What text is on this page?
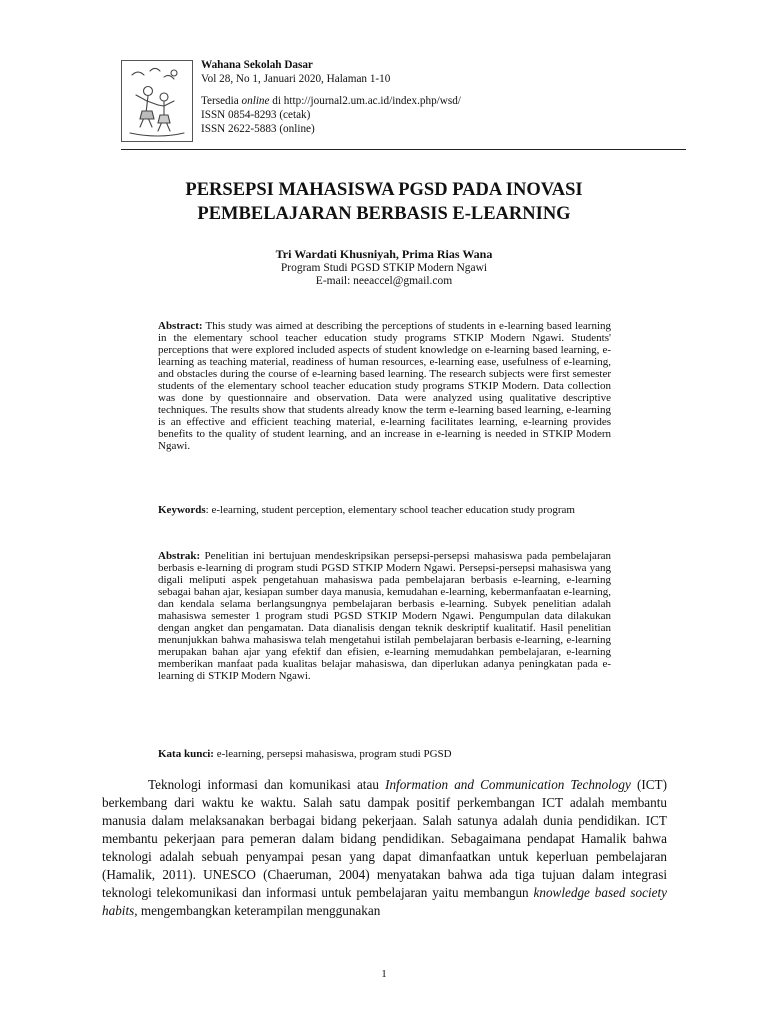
Wahana Sekolah Dasar
Vol 28, No 1, Januari 2020, Halaman 1-10
Tersedia online di http://journal2.um.ac.id/index.php/wsd/
ISSN 0854-8293 (cetak)
ISSN 2622-5883 (online)
PERSEPSI MAHASISWA PGSD PADA INOVASI
PEMBELAJARAN BERBASIS E-LEARNING
Tri Wardati Khusniyah, Prima Rias Wana
Program Studi PGSD STKIP Modern Ngawi
E-mail: neeaccel@gmail.com
Abstract: This study was aimed at describing the perceptions of students in e-learning based learning in the elementary school teacher education study programs STKIP Modern Ngawi. Students' perceptions that were explored included aspects of student knowledge on e-learning based learning, e-learning as teaching material, readiness of human resources, e-learning ease, usefulness of e-learning, and obstacles during the course of e-learning based learning. The research subjects were first semester students of the elementary school teacher education study programs STKIP Modern. Data collection was done by questionnaire and observation. Data were analyzed using qualitative descriptive techniques. The results show that students already know the term e-learning based learning, e-learning is an effective and efficient teaching material, e-learning facilitates learning, e-learning provides benefits to the quality of student learning, and an increase in e-learning is needed in STKIP Modern Ngawi.
Keywords: e-learning, student perception, elementary school teacher education study program
Abstrak: Penelitian ini bertujuan mendeskripsikan persepsi-persepsi mahasiswa pada pembelajaran berbasis e-learning di program studi PGSD STKIP Modern Ngawi. Persepsi-persepsi mahasiswa yang digali meliputi aspek pengetahuan mahasiswa pada pembelajaran berbasis e-learning, e-learning sebagai bahan ajar, kesiapan sumber daya manusia, kemudahan e-learning, kebermanfaatan e-learning, dan kendala selama berlangsungnya pembelajaran berbasis e-learning. Subyek penelitian adalah mahasiswa semester 1 program studi PGSD STKIP Modern Ngawi. Pengumpulan data dilakukan dengan angket dan pengamatan. Data dianalisis dengan teknik deskriptif kualitatif. Hasil penelitian menunjukkan bahwa mahasiswa telah mengetahui istilah pembelajaran berbasis e-learning, e-learning merupakan bahan ajar yang efektif dan efisien, e-learning memudahkan pembelajaran, e-learning memberikan manfaat pada kualitas belajar mahasiswa, dan diperlukan adanya peningkatan pada e-learning di STKIP Modern Ngawi.
Kata kunci: e-learning, persepsi mahasiswa, program studi PGSD
Teknologi informasi dan komunikasi atau Information and Communication Technology (ICT) berkembang dari waktu ke waktu. Salah satu dampak positif perkembangan ICT adalah membantu manusia dalam melaksanakan berbagai bidang pekerjaan. Salah satunya adalah dunia pendidikan. ICT membantu pekerjaan para pemeran dalam bidang pendidikan. Sebagaimana pendapat Hamalik bahwa teknologi adalah sebuah penyampai pesan yang dapat dimanfaatkan untuk keperluan pembelajaran (Hamalik, 2011). UNESCO (Chaeruman, 2004) menyatakan bahwa ada tiga tujuan dalam integrasi teknologi telekomunikasi dan informasi untuk pembelajaran yaitu membangun knowledge based society habits, mengembangkan keterampilan menggunakan
1
